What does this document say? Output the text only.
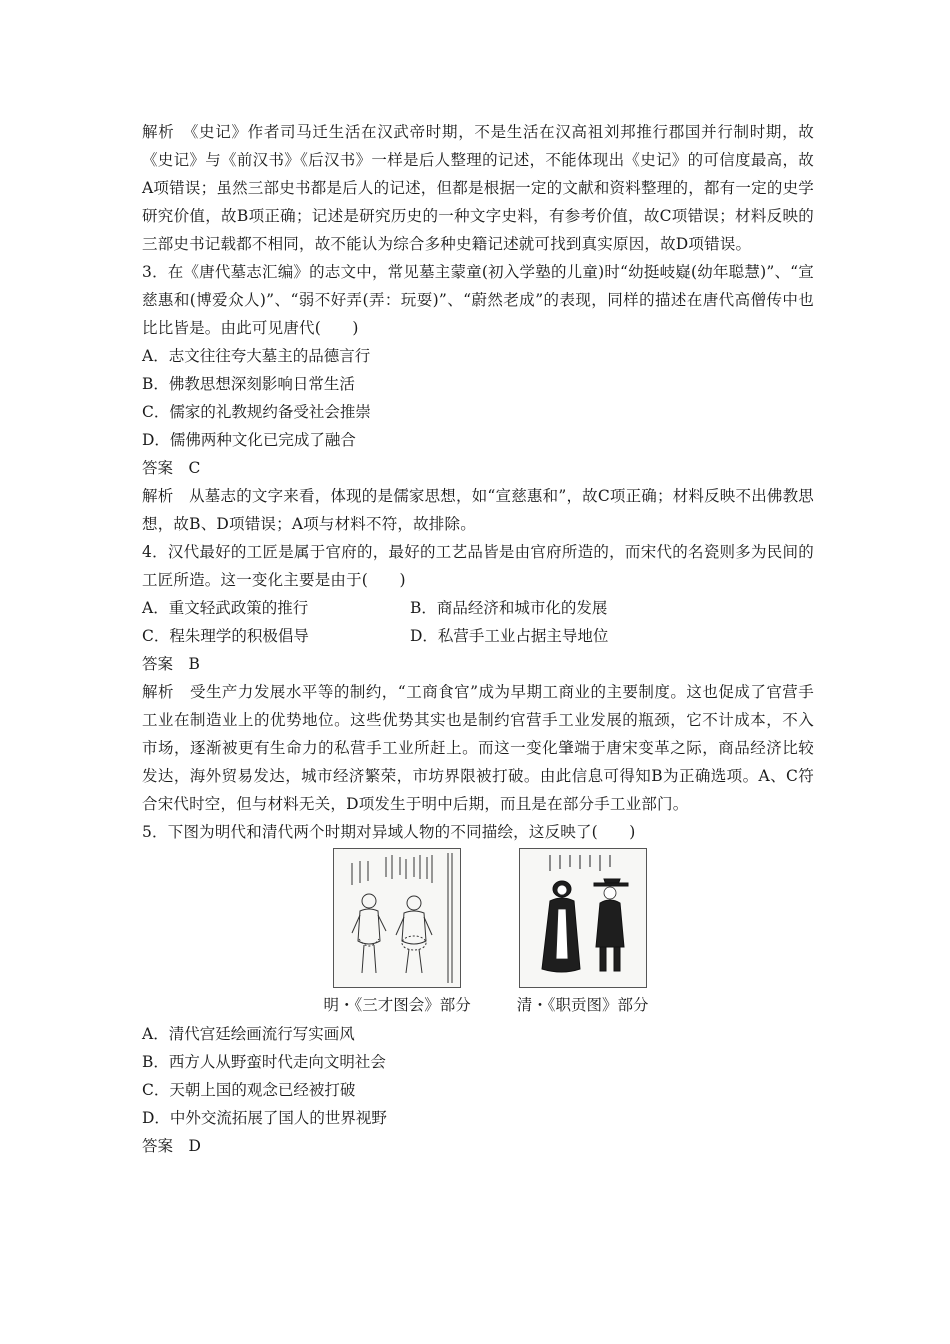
解析　 《史记》作者司马迁生活在汉武帝时期，不是生活在汉高祖刘邦推行郡国并行制时期，故《史记》与《前汉书》《后汉书》一样是后人整理的记述，不能体现出《史记》的可信度最高，故A项错误；虽然三部史书都是后人的记述，但都是根据一定的文献和资料整理的，都有一定的史学研究价值，故B项正确；记述是研究历史的一种文字史料，有参考价值，故C项错误；材料反映的三部史书记载都不相同，故不能认为综合多种史籍记述就可找到真实原因，故D项错误。

3．在《唐代墓志汇编》的志文中，常见墓主蒙童(初入学塾的儿童)时“幼挺岐嶷(幼年聪慧)”、“宣慈惠和(博爱众人)”、“弱不好弄(弄：玩耍)”、“蔚然老成”的表现，同样的描述在唐代高僧传中也比比皆是。由此可见唐代(　　)

A．志文往往夸大墓主的品德言行

B．佛教思想深刻影响日常生活

C．儒家的礼教规约备受社会推崇

D．儒佛两种文化已完成了融合

答案　C

解析　从墓志的文字来看，体现的是儒家思想，如“宣慈惠和”，故C项正确；材料反映不出佛教思想，故B、D项错误；A项与材料不符，故排除。

4．汉代最好的工匠是属于官府的，最好的工艺品皆是由官府所造的，而宋代的名瓷则多为民间的工匠所造。这一变化主要是由于(　　)

A．重文轻武政策的推行	B．商品经济和城市化的发展

C．程朱理学的积极倡导	D．私营手工业占据主导地位

答案　B

解析　受生产力发展水平等的制约，“工商食官”成为早期工商业的主要制度。这也促成了官营手工业在制造业上的优势地位。这些优势其实也是制约官营手工业发展的瓶颈，它不计成本，不入市场，逐渐被更有生命力的私营手工业所赶上。而这一变化肇端于唐宋变革之际，商品经济比较发达，海外贸易发达，城市经济繁荣，市坊界限被打破。由此信息可得知B为正确选项。A、C符合宋代时空，但与材料无关，D项发生于明中后期，而且是在部分手工业部门。

5．下图为明代和清代两个时期对异域人物的不同描绘，这反映了(　　)

明・《三才图会》部分	清・《职贡图》部分

A．清代宫廷绘画流行写实画风

B．西方人从野蛮时代走向文明社会

C．天朝上国的观念已经被打破

D．中外交流拓展了国人的世界视野

答案　D
